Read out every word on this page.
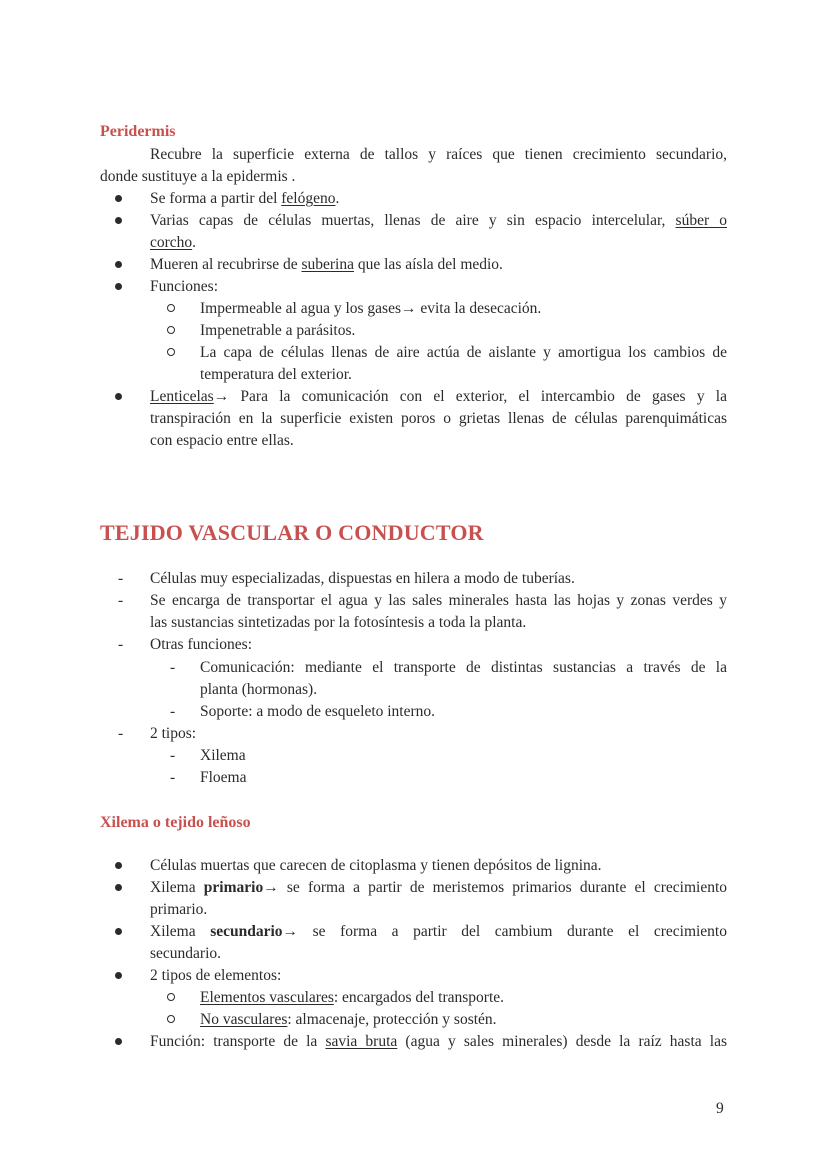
Peridermis
Recubre la superficie externa de tallos y raíces que tienen crecimiento secundario,
donde sustituye a la epidermis .
Se forma a partir del felógeno.
Varias capas de células muertas, llenas de aire y sin espacio intercelular, súber o
corcho.
Mueren al recubrirse de suberina que las aísla del medio.
Funciones:
Impermeable al agua y los gases→ evita la desecación.
Impenetrable a parásitos.
La capa de células llenas de aire actúa de aislante y amortigua los cambios de
temperatura del exterior.
Lenticelas→ Para la comunicación con el exterior, el intercambio de gases y la
transpiración en la superficie existen poros o grietas llenas de células parenquimáticas
con espacio entre ellas.
TEJIDO VASCULAR O CONDUCTOR
- Células muy especializadas, dispuestas en hilera a modo de tuberías.
- Se encarga de transportar el agua y las sales minerales hasta las hojas y zonas verdes y
las sustancias sintetizadas por la fotosíntesis a toda la planta.
- Otras funciones:
- Comunicación: mediante el transporte de distintas sustancias a través de la
planta (hormonas).
- Soporte: a modo de esqueleto interno.
- 2 tipos:
- Xilema
- Floema
Xilema o tejido leñoso
Células muertas que carecen de citoplasma y tienen depósitos de lignina.
Xilema primario→ se forma a partir de meristemos primarios durante el crecimiento
primario.
Xilema secundario→ se forma a partir del cambium durante el crecimiento
secundario.
2 tipos de elementos:
Elementos vasculares: encargados del transporte.
No vasculares: almacenaje, protección y sostén.
Función: transporte de la savia bruta (agua y sales minerales) desde la raíz hasta las
9
